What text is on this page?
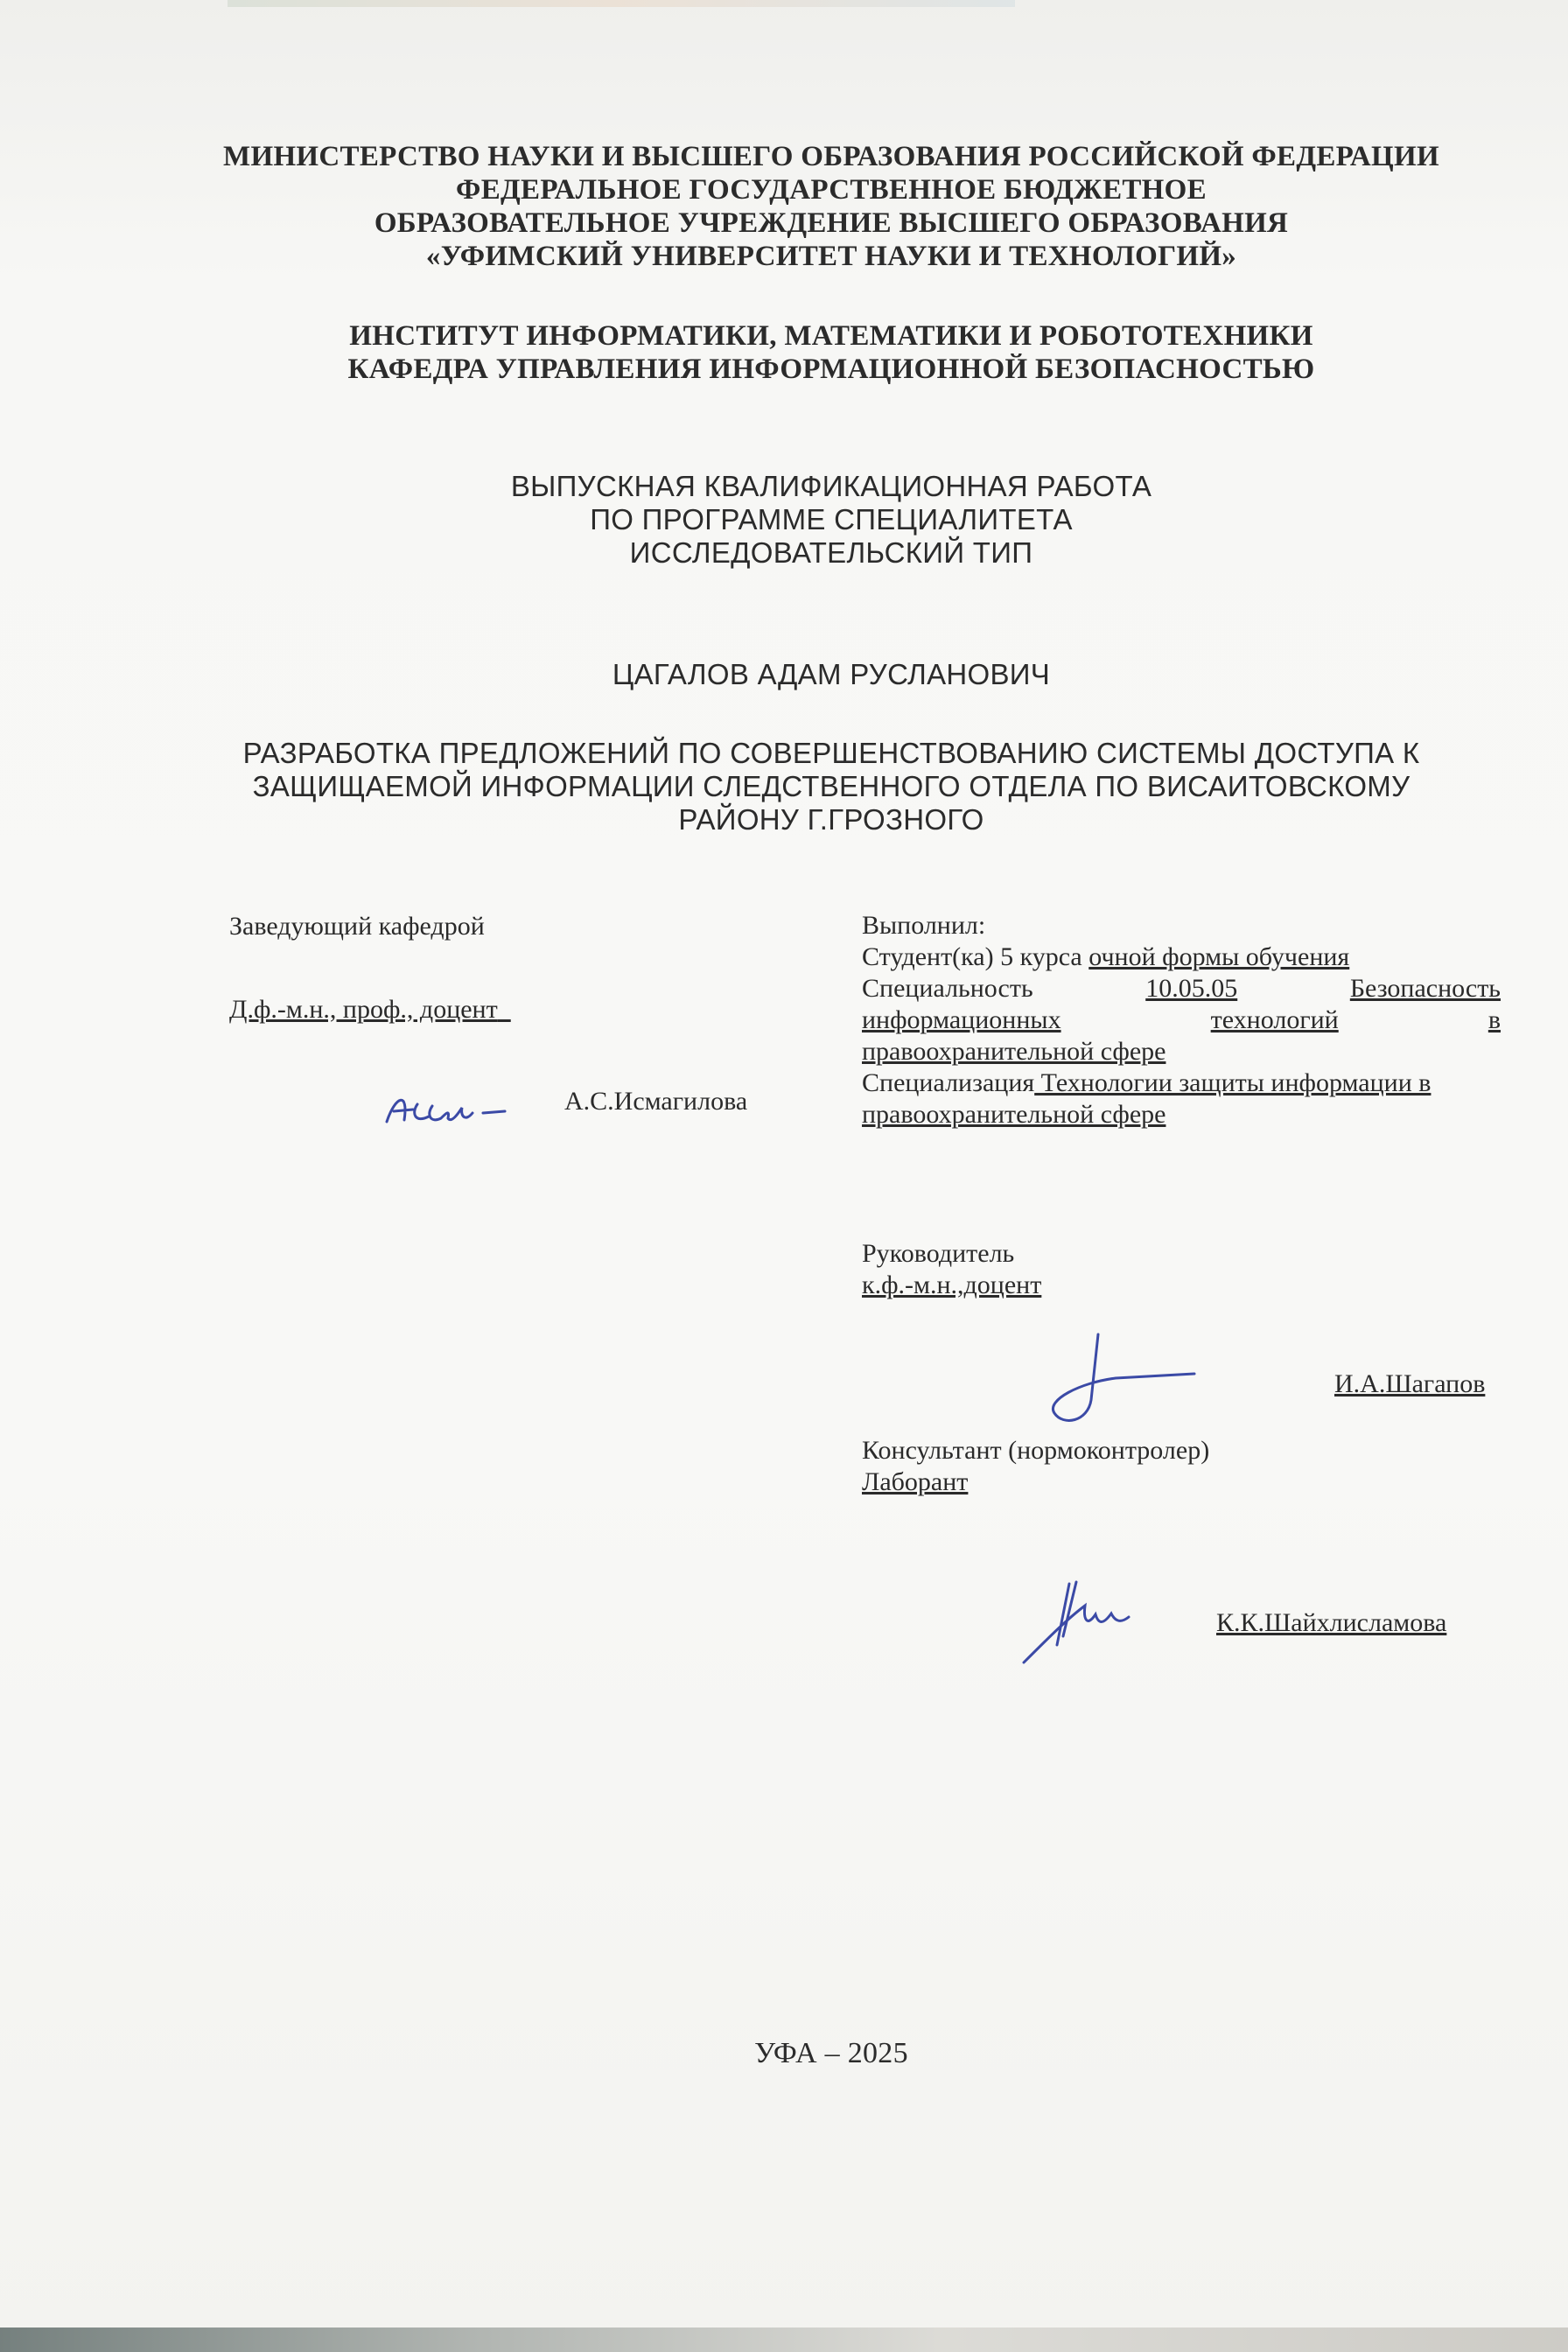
МИНИСТЕРСТВО НАУКИ И ВЫСШЕГО ОБРАЗОВАНИЯ РОССИЙСКОЙ ФЕДЕРАЦИИ
ФЕДЕРАЛЬНОЕ ГОСУДАРСТВЕННОЕ БЮДЖЕТНОЕ
ОБРАЗОВАТЕЛЬНОЕ УЧРЕЖДЕНИЕ ВЫСШЕГО ОБРАЗОВАНИЯ
«УФИМСКИЙ УНИВЕРСИТЕТ НАУКИ И ТЕХНОЛОГИЙ»
ИНСТИТУТ ИНФОРМАТИКИ, МАТЕМАТИКИ И РОБОТОТЕХНИКИ
КАФЕДРА УПРАВЛЕНИЯ ИНФОРМАЦИОННОЙ БЕЗОПАСНОСТЬЮ
ВЫПУСКНАЯ КВАЛИФИКАЦИОННАЯ РАБОТА
ПО ПРОГРАММЕ СПЕЦИАЛИТЕТА
ИССЛЕДОВАТЕЛЬСКИЙ ТИП
ЦАГАЛОВ АДАМ РУСЛАНОВИЧ
РАЗРАБОТКА ПРЕДЛОЖЕНИЙ ПО СОВЕРШЕНСТВОВАНИЮ СИСТЕМЫ ДОСТУПА К
ЗАЩИЩАЕМОЙ ИНФОРМАЦИИ СЛЕДСТВЕННОГО ОТДЕЛА ПО ВИСАИТОВСКОМУ
РАЙОНУ Г.ГРОЗНОГО
Заведующий кафедрой
Д.ф.-м.н., проф., доцент
А.С.Исмагилова
Выполнил:
Студент(ка) 5 курса очной формы обучения
Специальность	10.05.05	Безопасность
информационных	технологий	в
правоохранительной сфере
Специализация Технологии защиты информации в
правоохранительной сфере
Руководитель
к.ф.-м.н.,доцент
Консультант (нормоконтролер)
Лаборант
И.А.Шагапов
К.К.Шайхлисламова
УФА – 2025
